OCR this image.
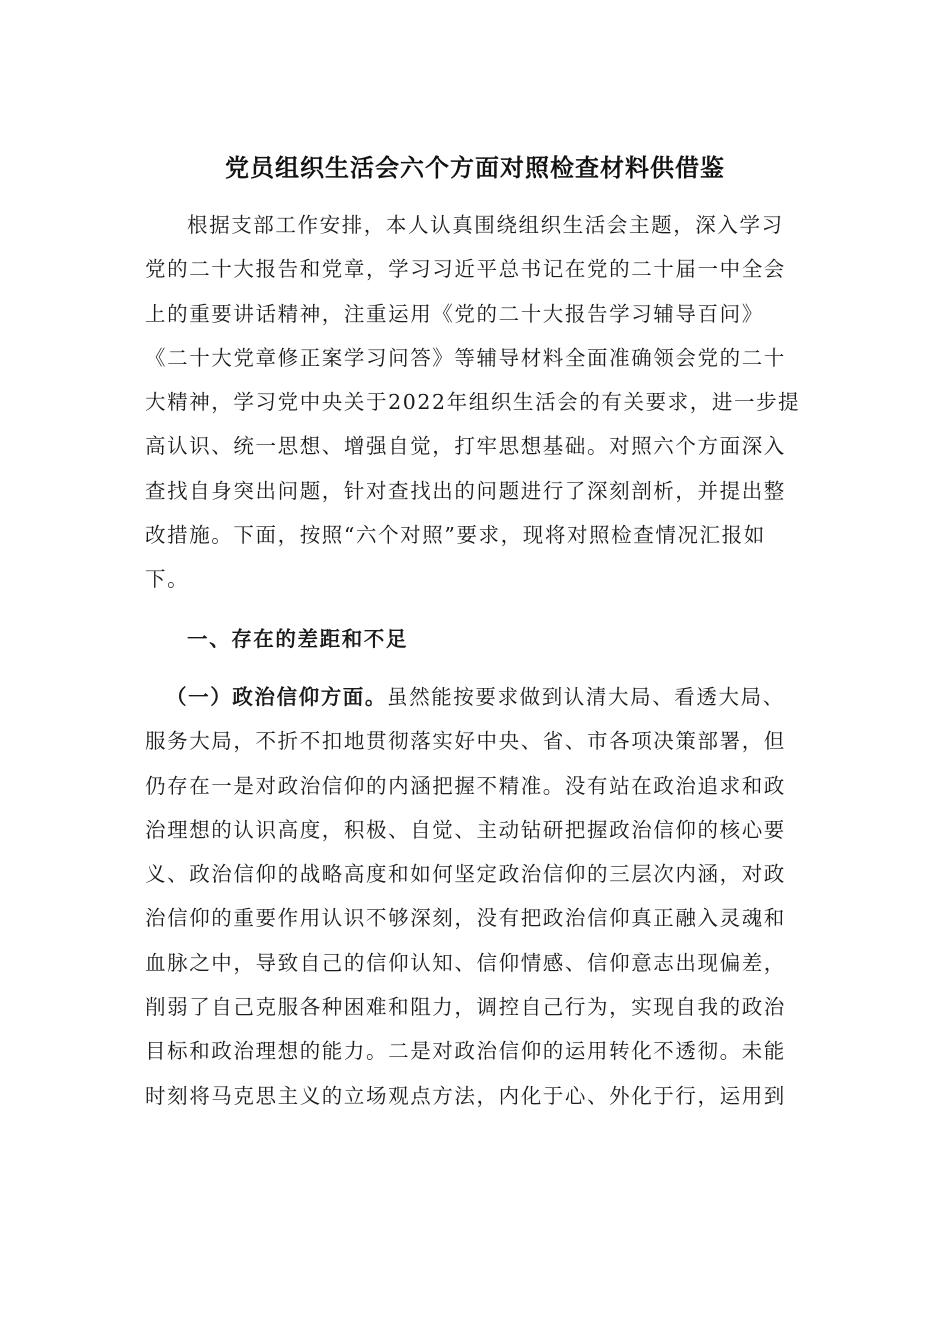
党员组织生活会六个方面对照检查材料供借鉴
根据支部工作安排，本人认真围绕组织生活会主题，深入学习
党的二十大报告和党章，学习习近平总书记在党的二十届一中全会
上的重要讲话精神，注重运用《党的二十大报告学习辅导百问》
《二十大党章修正案学习问答》等辅导材料全面准确领会党的二十
大精神，学习党中央关于2022年组织生活会的有关要求，进一步提
高认识、统一思想、增强自觉，打牢思想基础。对照六个方面深入
查找自身突出问题，针对查找出的问题进行了深刻剖析，并提出整
改措施。下面，按照“六个对照”要求，现将对照检查情况汇报如
下。
一、存在的差距和不足
（一）政治信仰方面。虽然能按要求做到认清大局、看透大局、
服务大局，不折不扣地贯彻落实好中央、省、市各项决策部署，但
仍存在一是对政治信仰的内涵把握不精准。没有站在政治追求和政
治理想的认识高度，积极、自觉、主动钻研把握政治信仰的核心要
义、政治信仰的战略高度和如何坚定政治信仰的三层次内涵，对政
治信仰的重要作用认识不够深刻，没有把政治信仰真正融入灵魂和
血脉之中，导致自己的信仰认知、信仰情感、信仰意志出现偏差，
削弱了自己克服各种困难和阻力，调控自己行为，实现自我的政治
目标和政治理想的能力。二是对政治信仰的运用转化不透彻。未能
时刻将马克思主义的立场观点方法，内化于心、外化于行，运用到
